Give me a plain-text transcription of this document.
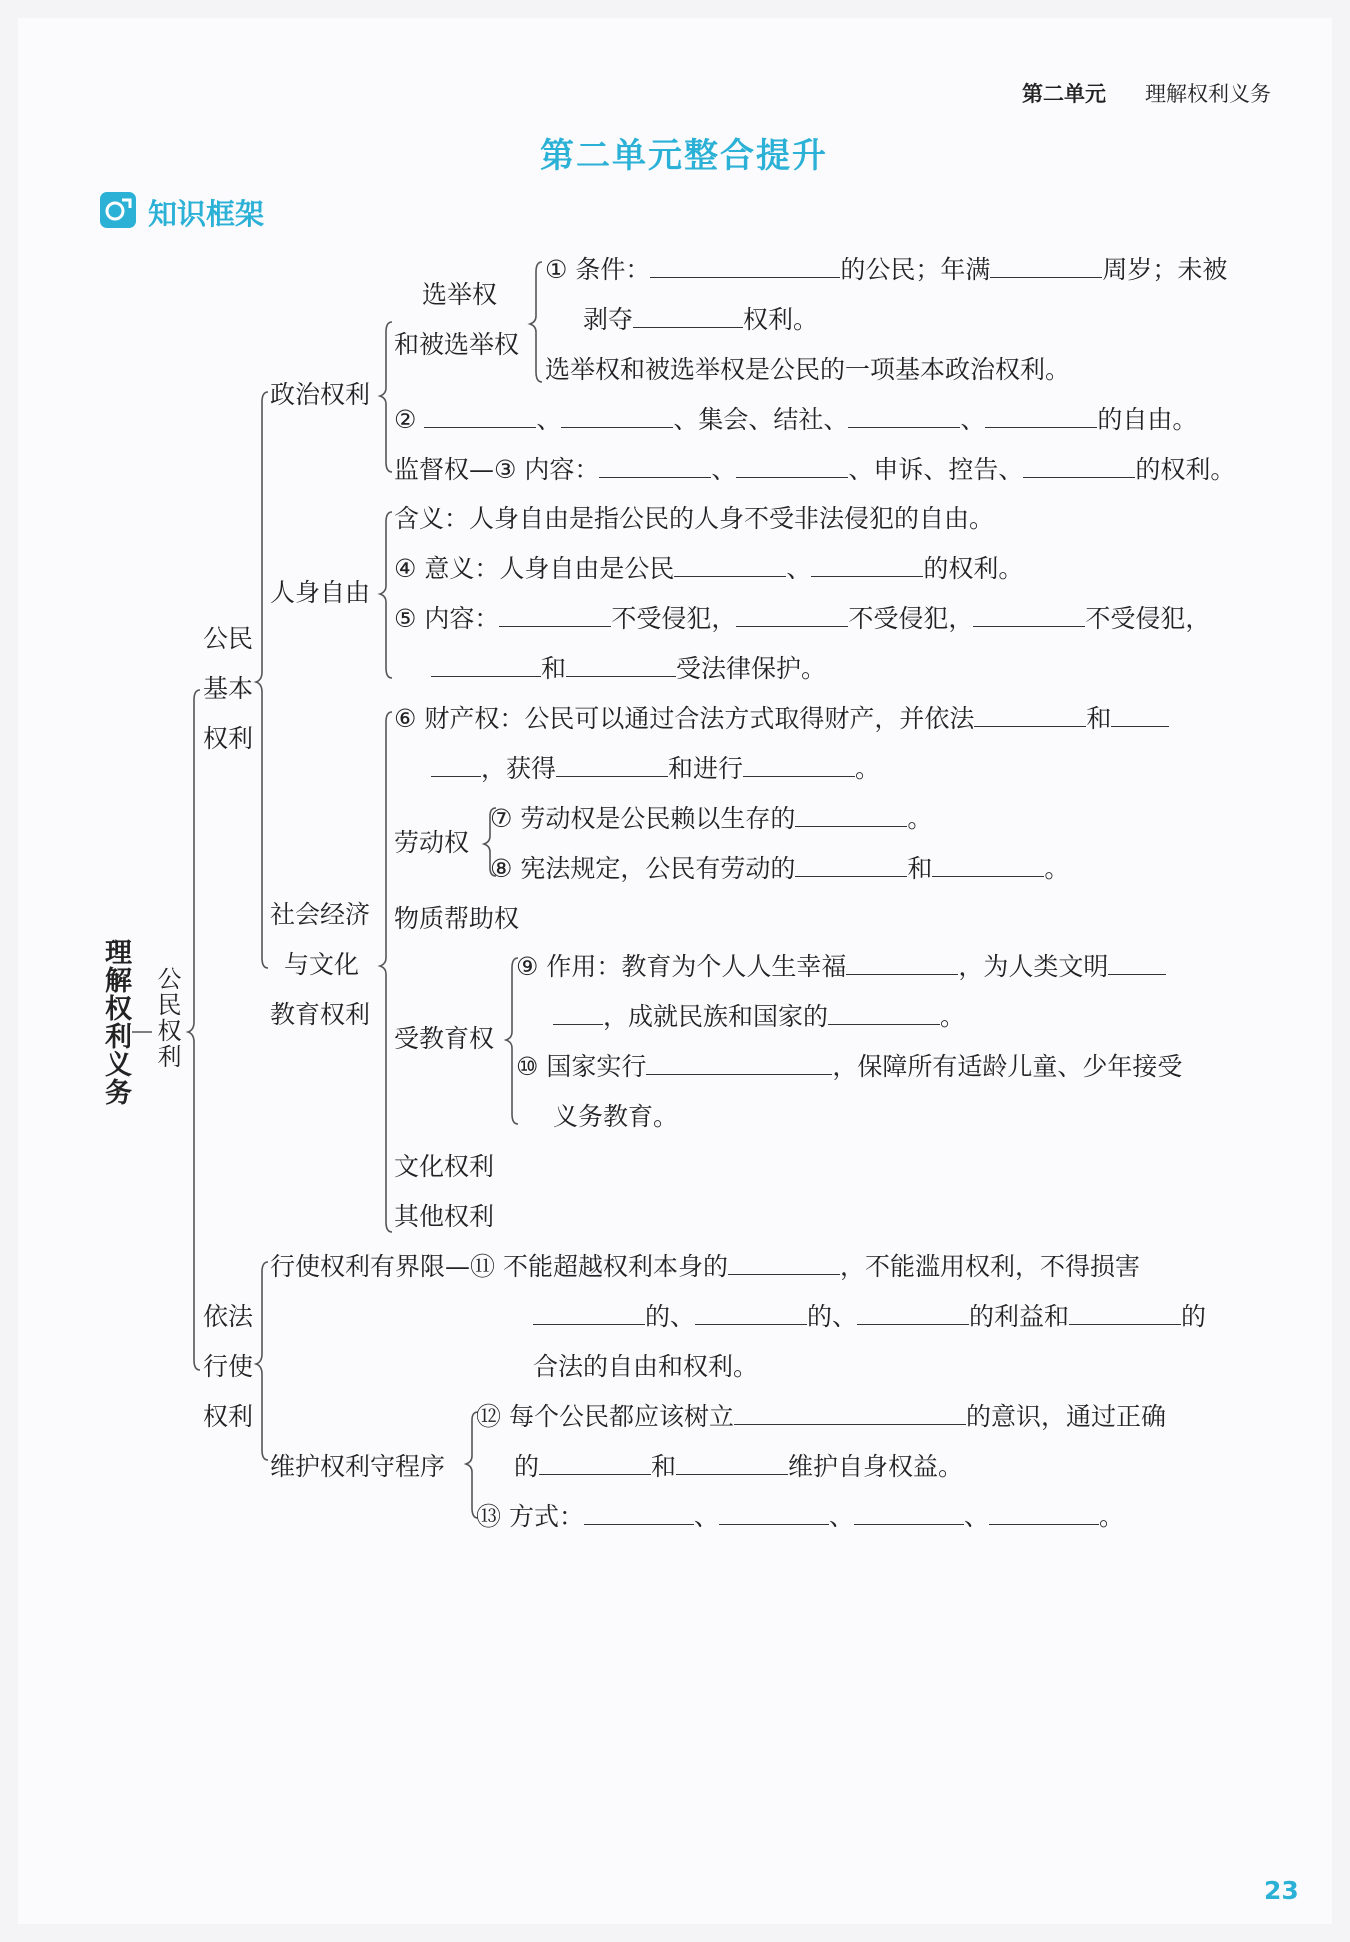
第二单元 理解权利义务
第二单元整合提升
知识框架
理解权利义务 公民权利
公民基本权利
依法行使权利
政治权利
选举权
和被选举权
① 条件：	的公民；年满	周岁；未被
剥夺	权利。
选举权和被选举权是公民的一项基本政治权利。
②	、	、集会、结社、	、	的自由。
监督权—③ 内容：	、	、申诉、控告、	的权利。
人身自由
含义：人身自由是指公民的人身不受非法侵犯的自由。
④ 意义：人身自由是公民	、	的权利。
⑤ 内容：	不受侵犯，	不受侵犯，	不受侵犯，
和	受法律保护。
社会经济
与文化
教育权利
⑥ 财产权：公民可以通过合法方式取得财产，并依法	和
，获得	和进行	。
劳动权
⑦ 劳动权是公民赖以生存的	。
⑧ 宪法规定，公民有劳动的	和	。
物质帮助权
受教育权
⑨ 作用：教育为个人人生幸福	，为人类文明
，成就民族和国家的	。
⑩ 国家实行	，保障所有适龄儿童、少年接受
义务教育。
文化权利
其他权利
行使权利有界限—⑪ 不能超越权利本身的	，不能滥用权利，不得损害
的、	的、	的利益和	的
合法的自由和权利。
维护权利守程序
⑫ 每个公民都应该树立	的意识，通过正确
的	和	维护自身权益。
⑬ 方式：	、	、	、	。
23
